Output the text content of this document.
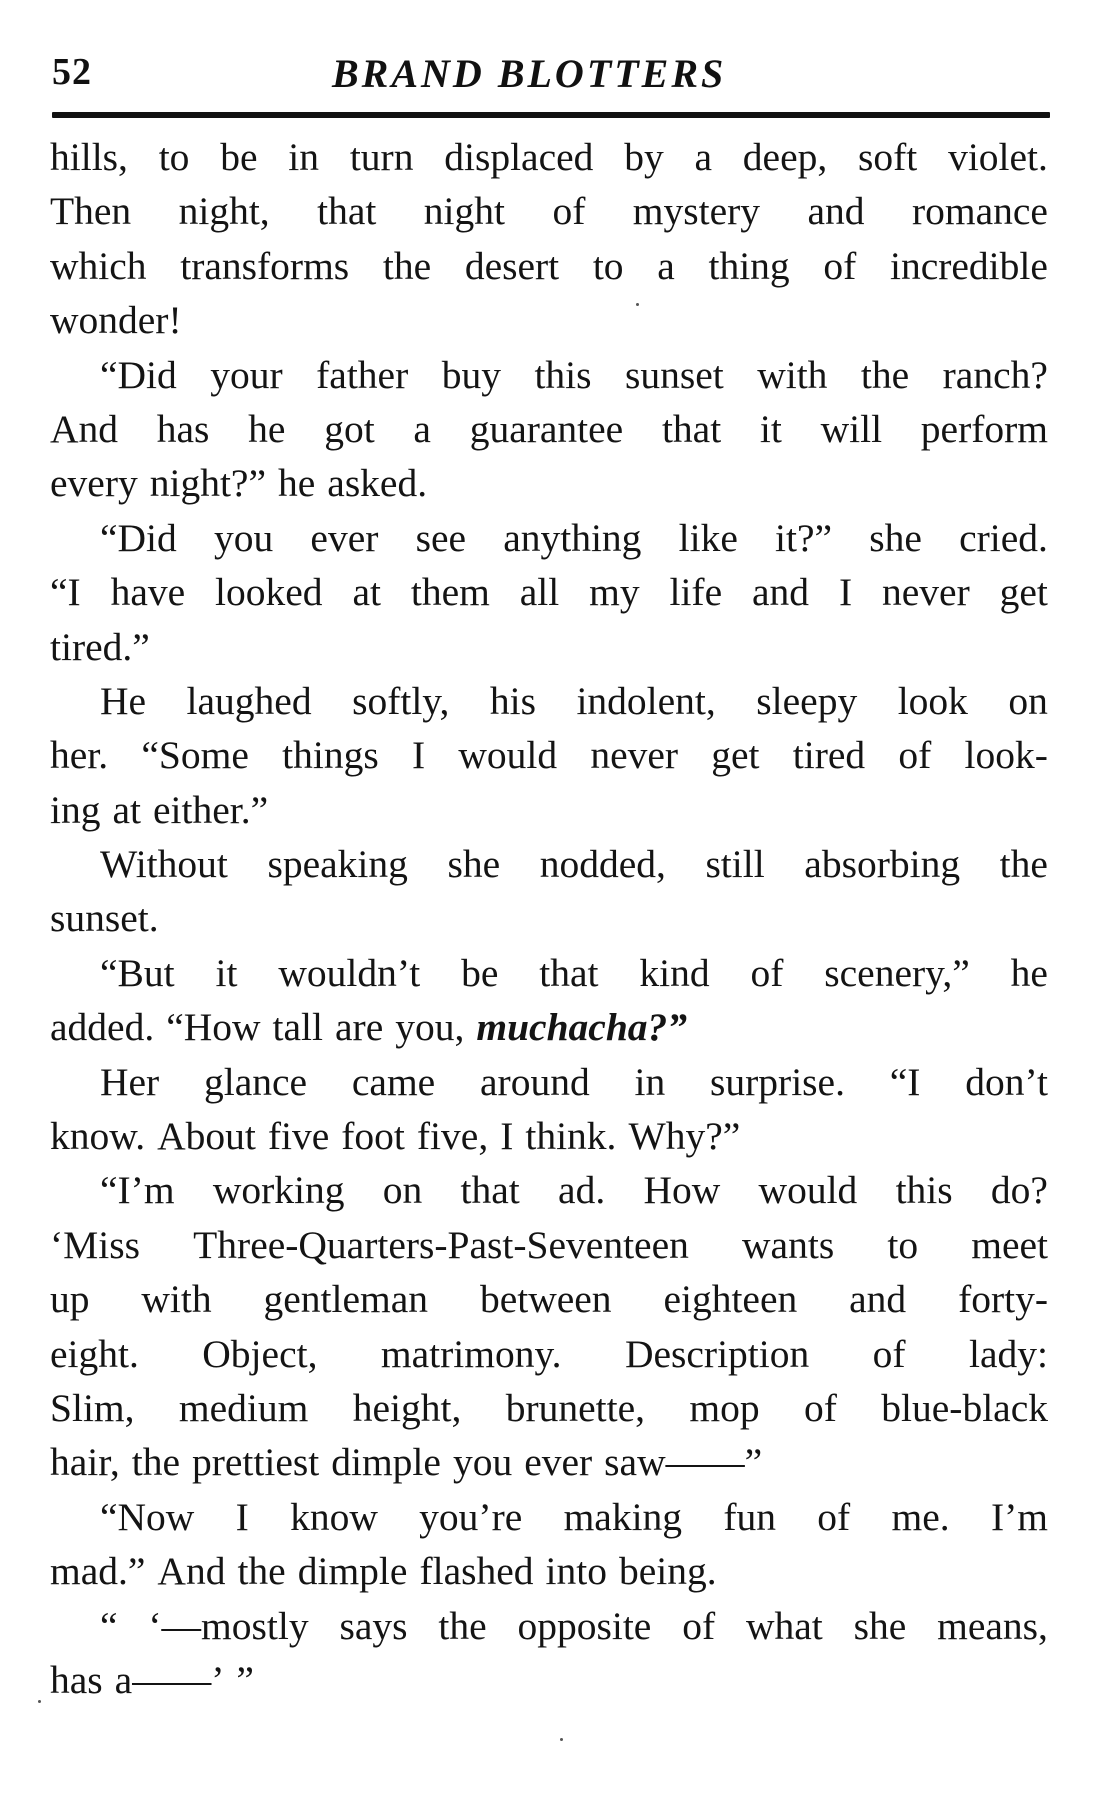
52	BRAND BLOTTERS
hills, to be in turn displaced by a deep, soft violet.
Then night, that night of mystery and romance
which transforms the desert to a thing of incredible
wonder!
“Did your father buy this sunset with the ranch?
And has he got a guarantee that it will perform
every night?” he asked.
“Did you ever see anything like it?” she cried.
“I have looked at them all my life and I never get
tired.”
He laughed softly, his indolent, sleepy look on
her. “Some things I would never get tired of look-
ing at either.”
Without speaking she nodded, still absorbing the
sunset.
“But it wouldn’t be that kind of scenery,” he
added. “How tall are you, muchacha?”
Her glance came around in surprise. “I don’t
know. About five foot five, I think. Why?”
“I’m working on that ad. How would this do?
‘Miss Three-Quarters-Past-Seventeen wants to meet
up with gentleman between eighteen and forty-
eight. Object, matrimony. Description of lady:
Slim, medium height, brunette, mop of blue-black
hair, the prettiest dimple you ever saw——”
“Now I know you’re making fun of me. I’m
mad.” And the dimple flashed into being.
“ ‘—mostly says the opposite of what she means,
has a——’ ”
